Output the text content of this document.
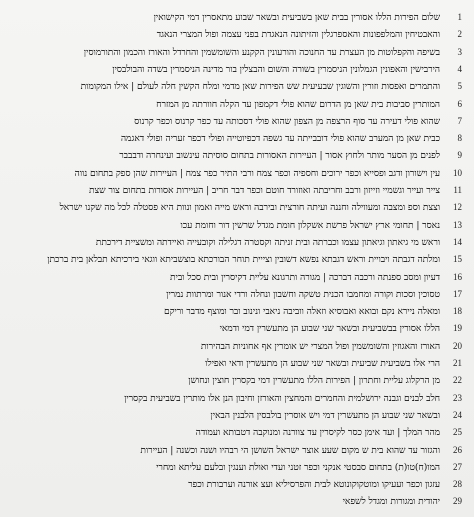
1
שלום הפירות הללו אסורין בבית שאן בשביעית ובשאר שבוע מתאסרין דמי הקישואין
2
והאבטיחין והמלפפונות והאספרגלין והזיתונה הנאגדת בפני עצמה ופול המצרי הנאגד
3
בשיפה והקפלוטות מן העצרת עד החנוכה והורעונין הקקנע והשומשמין והחרדל והאורז והכמון והתורמוסין
4
הירבישין והאפונין הגמלונין הניסמרין בשורה והשום והבצלין בור מדינה הניסמרין בשדה והבולבסין
5
והתמרים ואפסות וזורין והשוגין שבעיעית שש הפירות שאן מדמי ומלח הקשין חלה לעולם | אילו המקומות
6
המותרין סביבות בית שאן מן הדרום שהוא פולי דקמפון עד הקלה חוורתה מן המזרח
7
שהוא פולי דעירה עד סוף הרצפה מן הצפון שהוא פולי דסכותה עד כפר קרנוס וכפר קרנוס
8
כבית שאן מן המערב שהוא פולי דובבייתה עד גשפה דכפיוטייה ופולי דכפר זעריה ופולי דאגמה
9
לפנים מן הסער מותר ולחוץ אסור | העיירות האסורות בתחום סוסיתה עינשוב ועינחרה ודבבבר
10
עין וישורון ודגב ופסייא וכפר ירוכים וחספיה וכפר צמח ורבי התיר כפר צמח | העיירות שהן ספק בתחום נווה
11
צייר ועייר וגשמיי וזייזון ורבב וחריבתה ואוזורד חוטם וכפר דבר חריב | העיירות אסורות בתחום צור שצת
12
וצצת וספ ומצבה ומעווילה וחננה ועיתה חורצית ובירבה וראש מייה ואמון ונוות היא פסטלה לכל מה שקנו ישראל
13
נאסר | תחומי ארץ ישראל פרשת אשקלון חומת מגדל שרשין דור וחומת עכו
14
וראש מי גיאתון וגיאתון עצמו וכברתה ובית זניתה וקסטרה דגלילה וקובעייה ואיידתה ומשציית דירכתת
15
ומלתה דגבתה ויבויית וראש דגבתא נפשא דשובין וצייית תוחר הבורכתא בוצשביתא ווגאי בירכיתא תבלאן בית ברכתן
16
דעיון ומסב ספנתה ורכבה דברכה | מגורה ותרגונא עליית דקיסרין ובית סכל ובית
17
טסוכין וסכות וקורה ומחמבו הכנית טשקה וחשבון ונחלה ורדי אנור ומרתוות נמרין
18
ומאלה ניירא נקם ובואא ואבוסיא וזאלה ווביבה ניאבי ונינוב ובר ומוצף מדבר וריקם
19
הללו אסורין בבשביעית ובשאר שני שבוע הן מתעשרין דמי ודמאי
20
האורז והאגוזין והשומשמין ופול המצרי יש אומרין אף אחוניות הבהירות
21
הרי אלו בשביעית שביעית ובשאר שני שבוע הן מתעשרין ודאי ואפילו
22
מן הרקלוג עליית וחתרון | הפירות הללו מתעשרין דמי בקסרין חוצין ונחושן
23
חלב לבנים וגבנה ירושלמית והחמרים והמחצין והאורזן וחיבון הנן אלו מותרין בשביעית בקסרין
24
ובשאר שני שבוע הן מתעשרין דמי ויש אוסרין בולבסין הלבנין הבאין
25
מהר המלך | ועד אימן כסר לקיסרין עד צוורנה ומנוקבה דטבותא ועמודה
26
והגזור עד שהוא בית ש מקום שעע אוצר ישראל השושן הי רבהיו ושנה וכשנה | העיירות
27
המו(ח)טו(ת) בתחום סבסטי אנקני וכפר זטני ועדי ואולת וענגין ובלעם עליתא ומחרי
28
עזגון וכפר ועעיקו ומוטקוקונוטא לבית והפרסיליא ועצ אורנה וערבורת וכפר
29
יהודית ומגורות ומגדל לשפאי
